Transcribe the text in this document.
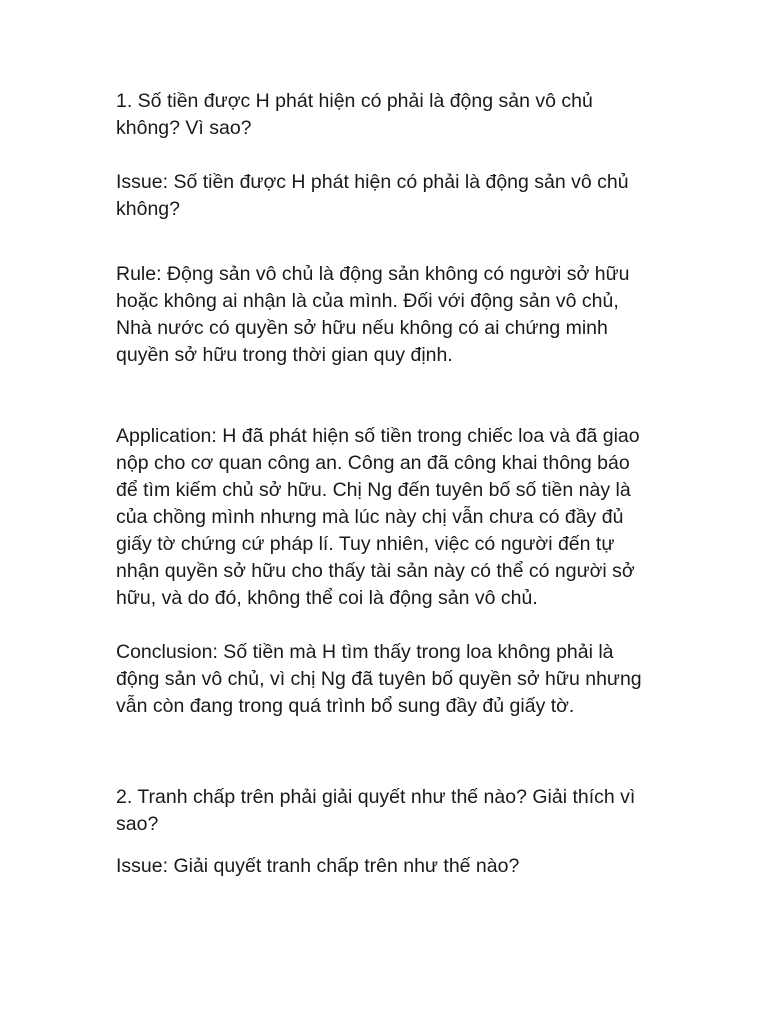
1. Số tiền được H phát hiện có phải là động sản vô chủ không? Vì sao?

Issue: Số tiền được H phát hiện có phải là động sản vô chủ không?

Rule: Động sản vô chủ là động sản không có người sở hữu hoặc không ai nhận là của mình. Đối với động sản vô chủ, Nhà nước có quyền sở hữu nếu không có ai chứng minh quyền sở hữu trong thời gian quy định.

Application: H đã phát hiện số tiền trong chiếc loa và đã giao nộp cho cơ quan công an. Công an đã công khai thông báo để tìm kiếm chủ sở hữu. Chị Ng đến tuyên bố số tiền này là của chồng mình nhưng mà lúc này chị vẫn chưa có đầy đủ giấy tờ chứng cứ pháp lí. Tuy nhiên, việc có người đến tự nhận quyền sở hữu cho thấy tài sản này có thể có người sở hữu, và do đó, không thể coi là động sản vô chủ.

Conclusion: Số tiền mà H tìm thấy trong loa không phải là động sản vô chủ, vì chị Ng đã tuyên bố quyền sở hữu nhưng vẫn còn đang trong quá trình bổ sung đầy đủ giấy tờ.

2. Tranh chấp trên phải giải quyết như thế nào? Giải thích vì sao?

Issue: Giải quyết tranh chấp trên như thế nào?
